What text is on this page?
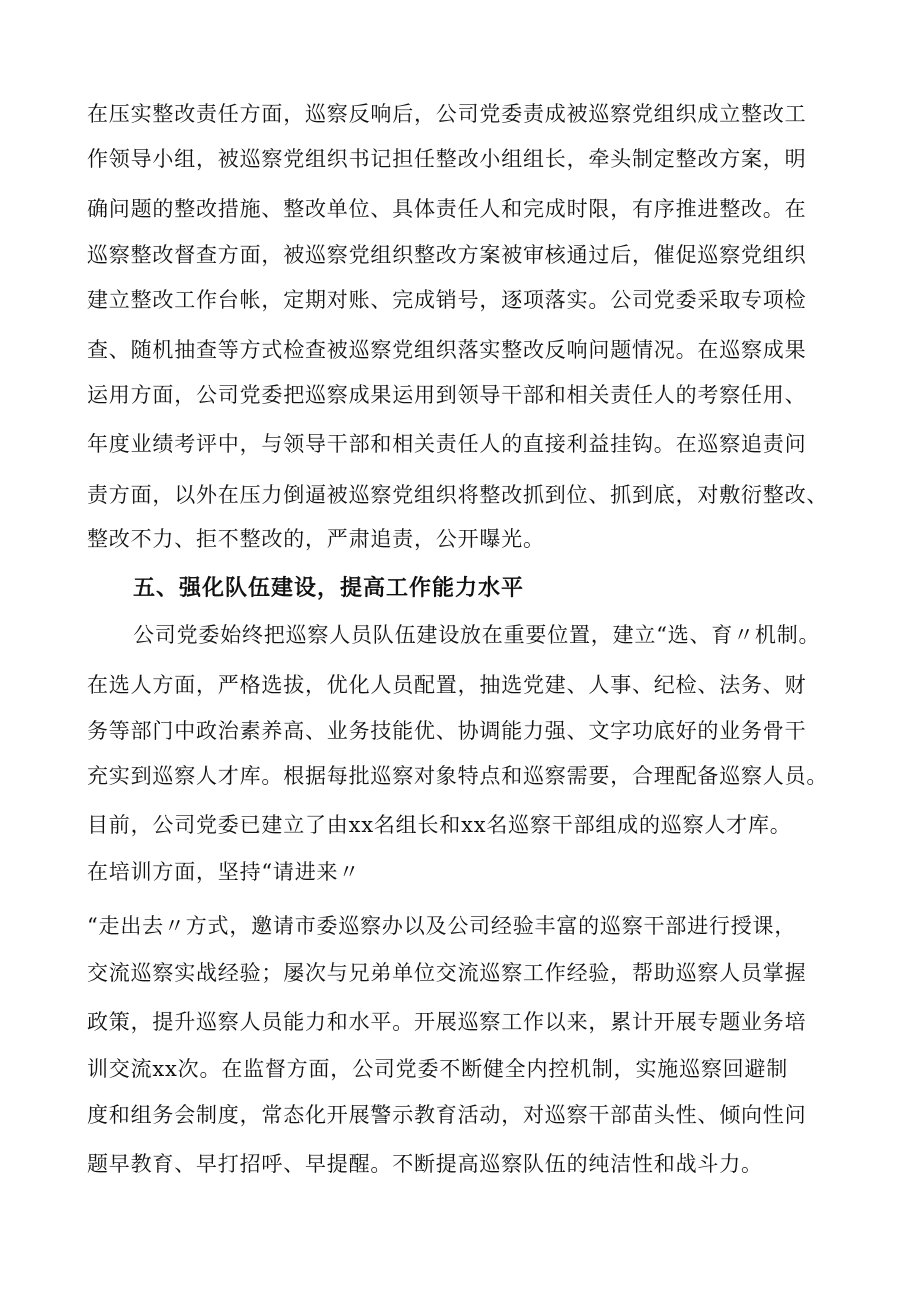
在压实整改责任方面，巡察反响后，公司党委责成被巡察党组织成立整改工
作领导小组，被巡察党组织书记担任整改小组组长，牵头制定整改方案，明
确问题的整改措施、整改单位、具体责任人和完成时限，有序推进整改。在
巡察整改督查方面，被巡察党组织整改方案被审核通过后，催促巡察党组织
建立整改工作台帐，定期对账、完成销号，逐项落实。公司党委采取专项检
查、随机抽查等方式检查被巡察党组织落实整改反响问题情况。在巡察成果
运用方面，公司党委把巡察成果运用到领导干部和相关责任人的考察任用、
年度业绩考评中，与领导干部和相关责任人的直接利益挂钩。在巡察追责问
责方面，以外在压力倒逼被巡察党组织将整改抓到位、抓到底，对敷衍整改、
整改不力、拒不整改的，严肃追责，公开曝光。
五、强化队伍建设，提高工作能力水平
公司党委始终把巡察人员队伍建设放在重要位置，建立“选、育〃机制。
在选人方面，严格选拔，优化人员配置，抽选党建、人事、纪检、法务、财
务等部门中政治素养高、业务技能优、协调能力强、文字功底好的业务骨干
充实到巡察人才库。根据每批巡察对象特点和巡察需要，合理配备巡察人员。
目前，公司党委已建立了由xx名组长和xx名巡察干部组成的巡察人才库。
在培训方面，坚持“请进来〃
“走出去〃方式，邀请市委巡察办以及公司经验丰富的巡察干部进行授课，
交流巡察实战经验；屡次与兄弟单位交流巡察工作经验，帮助巡察人员掌握
政策，提升巡察人员能力和水平。开展巡察工作以来，累计开展专题业务培
训交流xx次。在监督方面，公司党委不断健全内控机制，实施巡察回避制
度和组务会制度，常态化开展警示教育活动，对巡察干部苗头性、倾向性问
题早教育、早打招呼、早提醒。不断提高巡察队伍的纯洁性和战斗力。
